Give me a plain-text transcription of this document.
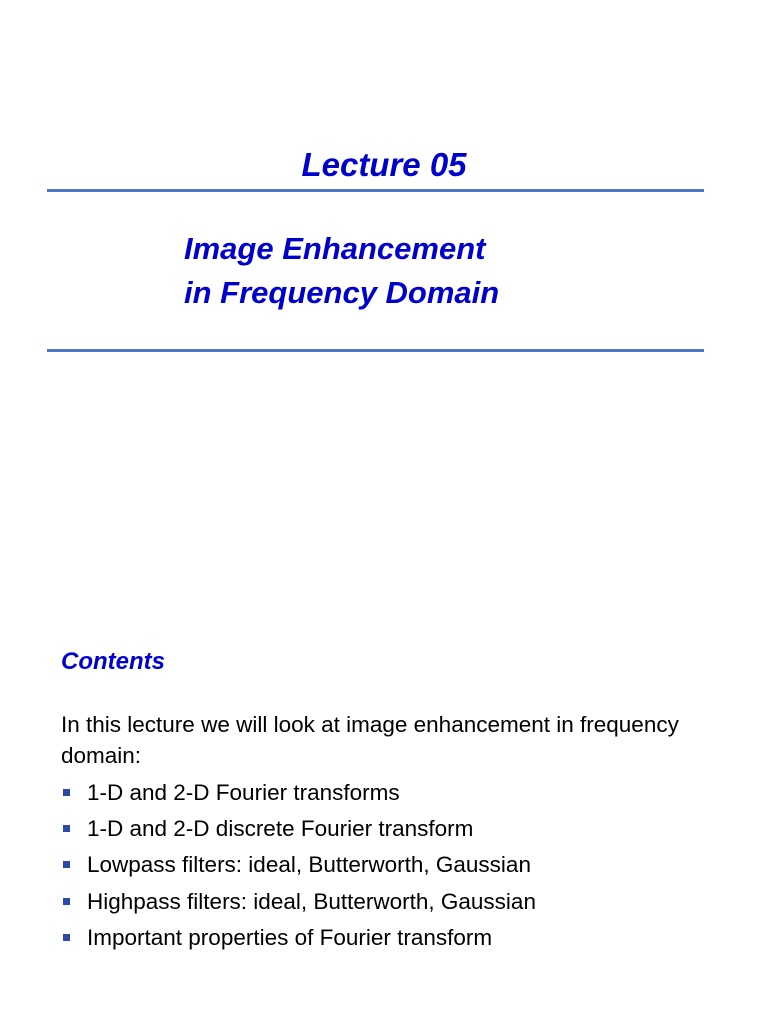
Lecture 05
Image Enhancement
in Frequency Domain
Contents

In this lecture we will look at image enhancement in frequency domain:

1-D and 2-D Fourier transforms
1-D and 2-D discrete Fourier transform
Lowpass filters: ideal, Butterworth, Gaussian
Highpass filters: ideal, Butterworth, Gaussian
Important properties of Fourier transform
